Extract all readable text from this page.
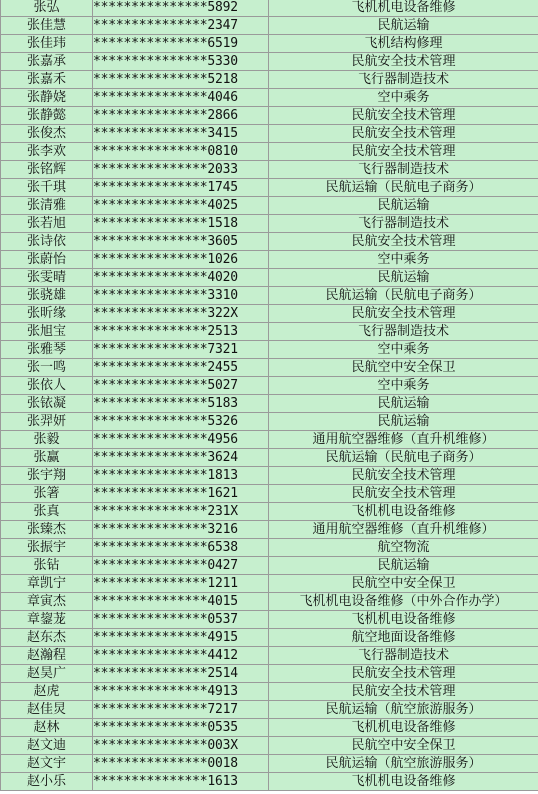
张弘	***************5892	飞机机电设备维修
张佳慧	***************2347	民航运输
张佳玮	***************6519	飞机结构修理
张嘉承	***************5330	民航安全技术管理
张嘉禾	***************5218	飞行器制造技术
张静娆	***************4046	空中乘务
张静懿	***************2866	民航安全技术管理
张俊杰	***************3415	民航安全技术管理
张李欢	***************0810	民航安全技术管理
张铭辉	***************2033	飞行器制造技术
张千琪	***************1745	民航运输（民航电子商务）
张清雅	***************4025	民航运输
张若旭	***************1518	飞行器制造技术
张诗依	***************3605	民航安全技术管理
张蔚怡	***************1026	空中乘务
张雯晴	***************4020	民航运输
张骁雄	***************3310	民航运输（民航电子商务）
张昕缘	***************322X	民航安全技术管理
张旭宝	***************2513	飞行器制造技术
张雅琴	***************7321	空中乘务
张一鸣	***************2455	民航空中安全保卫
张依人	***************5027	空中乘务
张铱凝	***************5183	民航运输
张羿妍	***************5326	民航运输
张毅	***************4956	通用航空器维修（直升机维修）
张赢	***************3624	民航运输（民航电子商务）
张宇翔	***************1813	民航安全技术管理
张箸	***************1621	民航安全技术管理
张真	***************231X	飞机机电设备维修
张臻杰	***************3216	通用航空器维修（直升机维修）
张振宇	***************6538	航空物流
张钻	***************0427	民航运输
章凯宁	***************1211	民航空中安全保卫
章寅杰	***************4015	飞机机电设备维修（中外合作办学）
章鋆茏	***************0537	飞机机电设备维修
赵东杰	***************4915	航空地面设备维修
赵瀚程	***************4412	飞行器制造技术
赵昊广	***************2514	民航安全技术管理
赵虎	***************4913	民航安全技术管理
赵佳炅	***************7217	民航运输（航空旅游服务）
赵林	***************0535	飞机机电设备维修
赵文迪	***************003X	民航空中安全保卫
赵文宇	***************0018	民航运输（航空旅游服务）
赵小乐	***************1613	飞机机电设备维修
